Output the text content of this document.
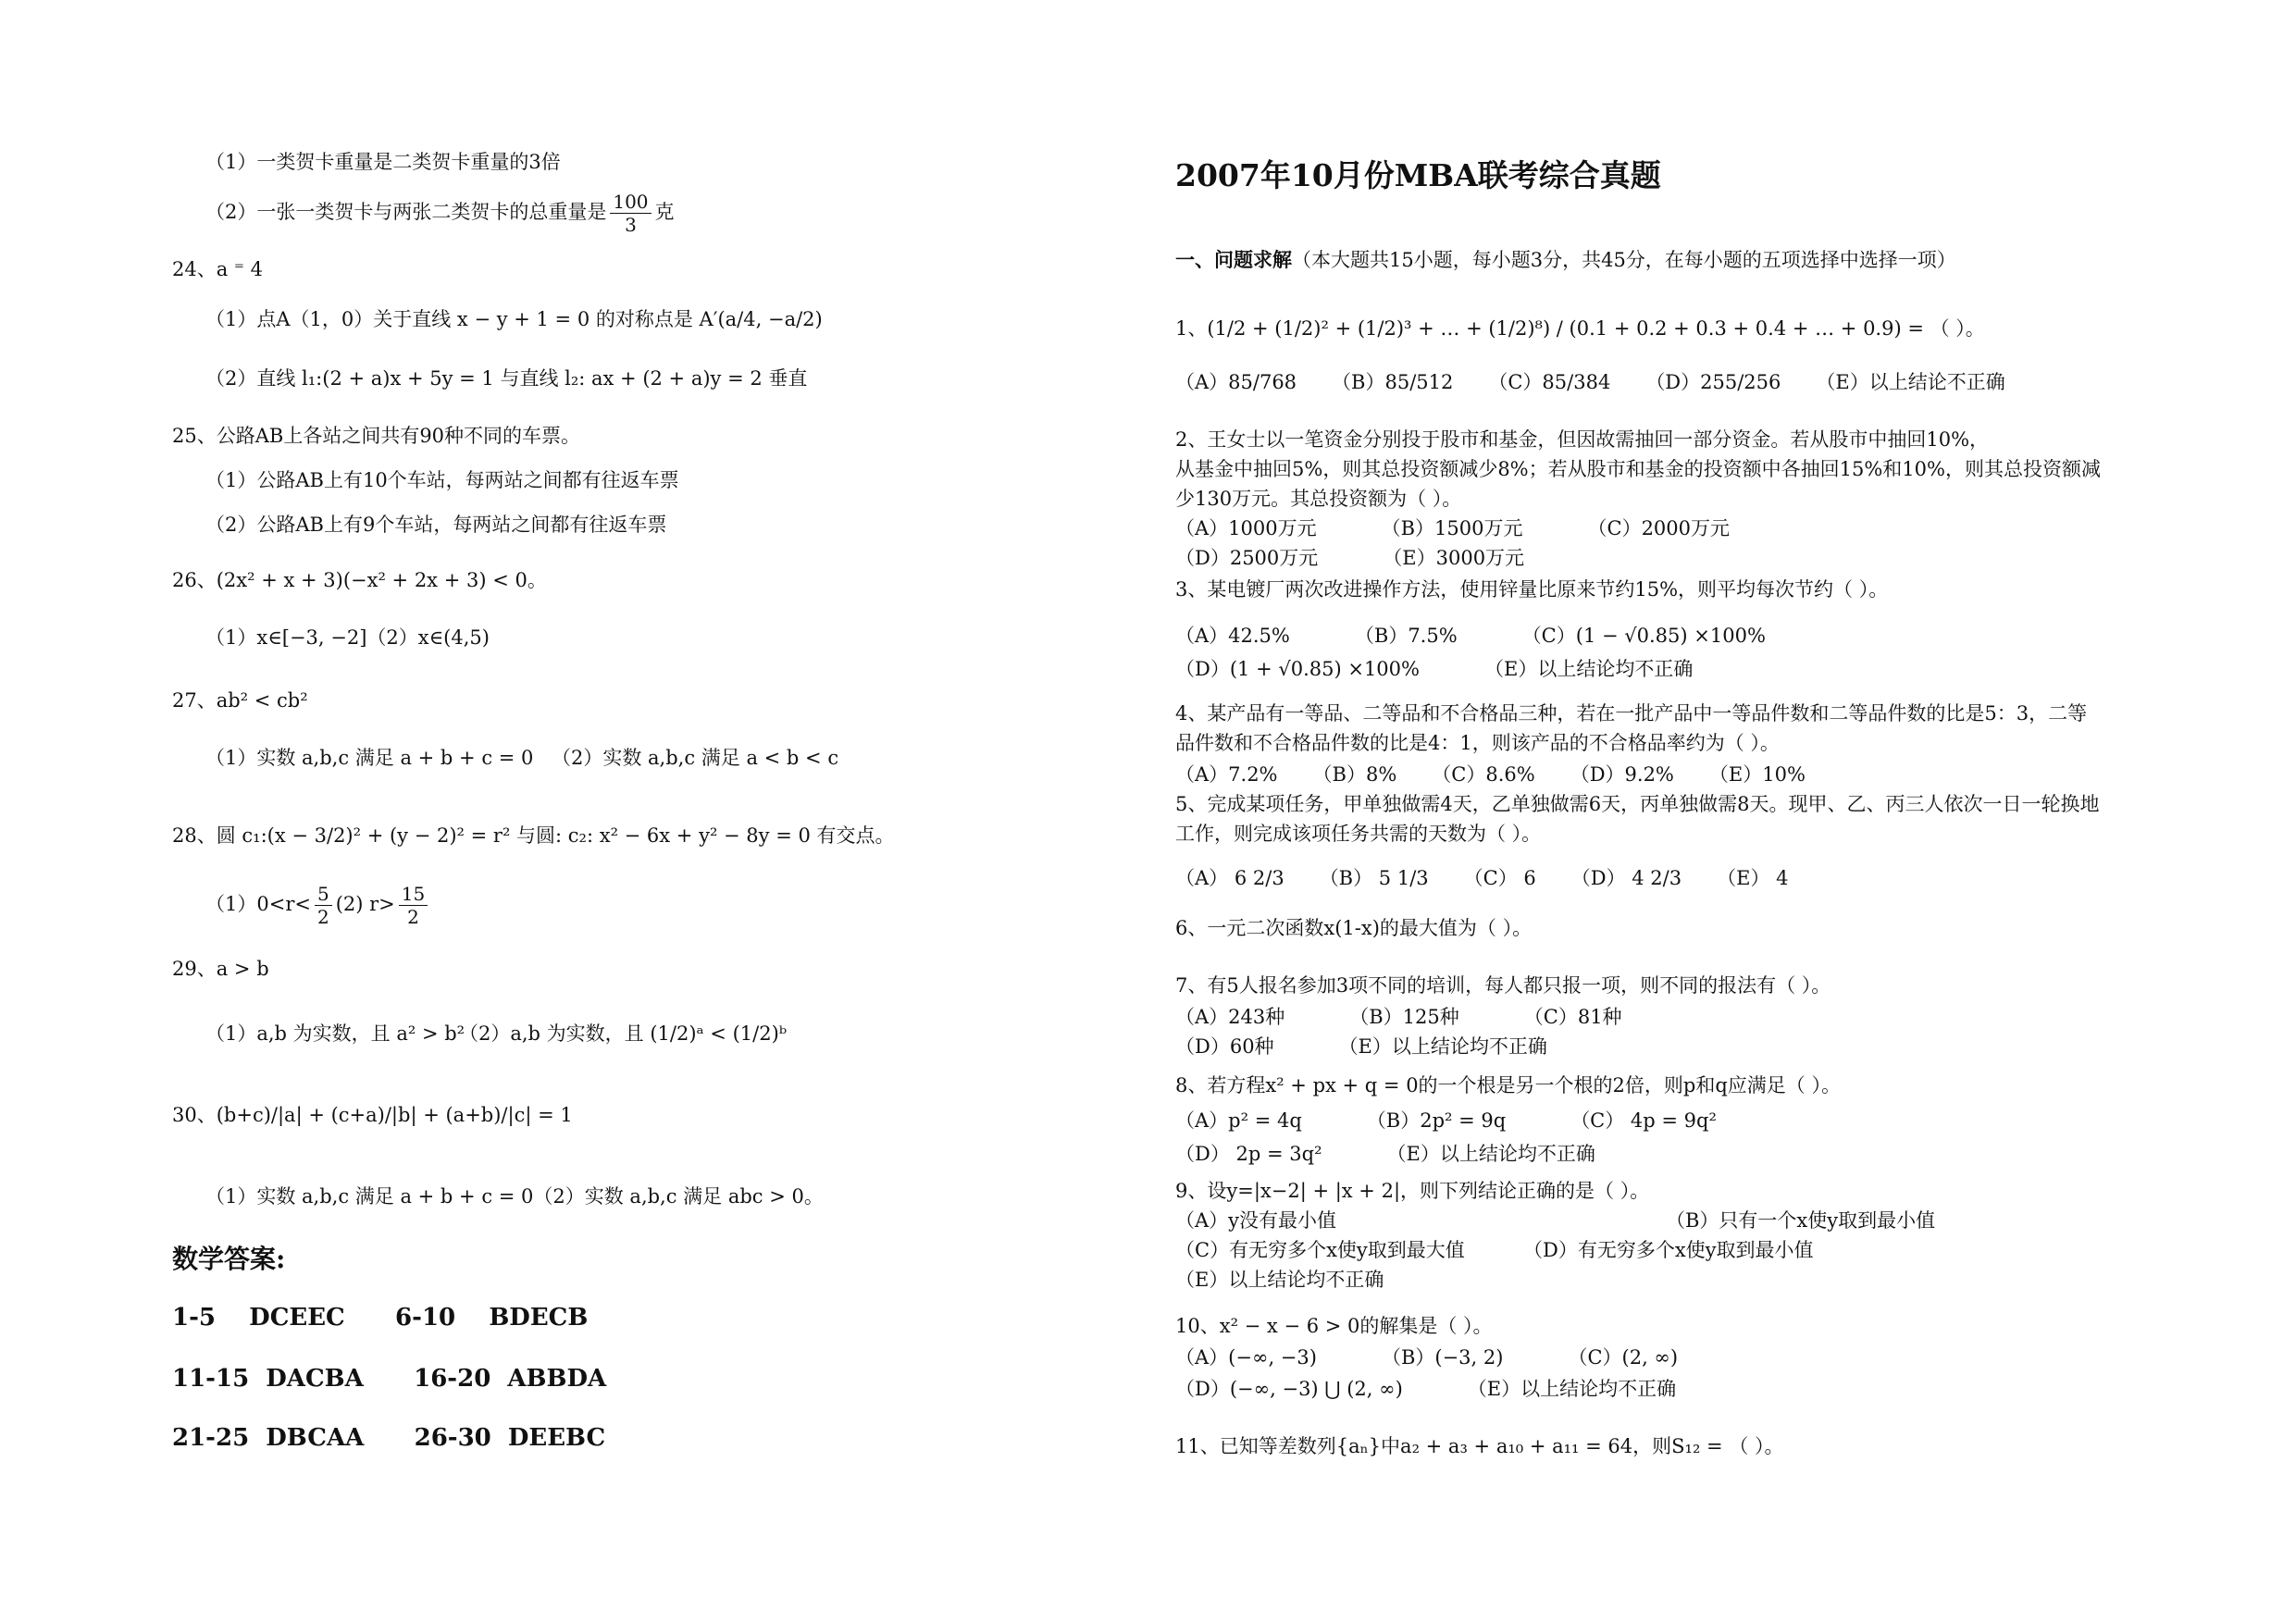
（1）一类贺卡重量是二类贺卡重量的3倍
（2）一张一类贺卡与两张二类贺卡的总重量是 $\frac{100}{3}$ 克
24、a ⁼ 4
（1）点A（1，0）关于直线 x − y + 1 = 0 的对称点是 A′(a/4, −a/2)
（2）直线 l₁:(2 + a)x + 5y = 1 与直线 l₂: ax + (2 + a)y = 2 垂直
25、公路AB上各站之间共有90种不同的车票。
（1）公路AB上有10个车站，每两站之间都有往返车票
（2）公路AB上有9个车站，每两站之间都有往返车票
26、(2x² + x + 3)(−x² + 2x + 3) < 0。
（1）x∈[−3, −2]（2）x∈(4,5)
27、ab² < cb²
（1）实数 a,b,c 满足 a + b + c = 0 （2）实数 a,b,c 满足 a < b < c
28、圆 c₁:(x − 3/2)² + (y − 2)² = r² 与圆: c₂: x² − 6x + y² − 8y = 0 有交点。
$(1)0<r< \frac{5}{2} (2)$ $r> \frac{15}{2}$
29、a > b
（1）a,b 为实数，且 a² > b²
（2）a,b 为实数，且 (1/2)ᵃ < (1/2)ᵇ
30、(b+c)/|a| + (c+a)/|b| + (a+b)/|c| = 1
（1）实数 a,b,c 满足 a + b + c = 0（2）实数 a,b,c 满足 abc > 0。
数学答案:
1-5    DCEEC      6-10    BDECB
11-15  DACBA      16-20  ABBDA
21-25  DBCAA      26-30  DEEBC
2007年10月份MBA联考综合真题
一、问题求解（本大题共15小题，每小题3分，共45分，在每小题的五项选择中选择一项）
1、(1/2 + (1/2)² + (1/2)³ + … + (1/2)⁸) / (0.1 + 0.2 + 0.3 + 0.4 + … + 0.9) = （ ）。
（A）85/768 （B）85/512 （C）85/384 （D）255/256 （E）以上结论不正确
2、王女士以一笔资金分别投于股市和基金，但因故需抽回一部分资金。若从股市中抽回10%，
从基金中抽回5%，则其总投资额减少8%；若从股市和基金的投资额中各抽回15%和10%，则其总投资额减
少130万元。其总投资额为（ ）。
（A）1000万元	（B）1500万元	（C）2000万元
（D）2500万元	（E）3000万元
3、某电镀厂两次改进操作方法，使用锌量比原来节约15%，则平均每次节约（ ）。
（A）42.5%	（B）7.5%	（C）(1 − √0.85) ×100%
（D）(1 + √0.85) ×100%	（E）以上结论均不正确
4、某产品有一等品、二等品和不合格品三种，若在一批产品中一等品件数和二等品件数的比是5：3，二等
品件数和不合格品件数的比是4：1，则该产品的不合格品率约为（ ）。
（A）7.2% （B）8% （C）8.6% （D）9.2% （E）10%
5、完成某项任务，甲单独做需4天，乙单独做需6天，丙单独做需8天。现甲、乙、丙三人依次一日一轮换地
工作，则完成该项任务共需的天数为（ ）。
（A） 6 2/3 （B） 5 1/3 （C） 6 （D） 4 2/3 （E） 4
6、一元二次函数x(1-x)的最大值为（ ）。
7、有5人报名参加3项不同的培训，每人都只报一项，则不同的报法有（ ）。
（A）243种	（B）125种	（C）81种
（D）60种	（E）以上结论均不正确
8、若方程x² + px + q = 0的一个根是另一个根的2倍，则p和q应满足（ ）。
（A）p² = 4q	（B）2p² = 9q	（C） 4p = 9q²
（D） 2p = 3q²	（E）以上结论均不正确
9、设y=|x−2| + |x + 2|，则下列结论正确的是（ ）。
（A）y没有最小值	（B）只有一个x使y取到最小值
（C）有无穷多个x使y取到最大值	（D）有无穷多个x使y取到最小值
（E）以上结论均不正确
10、x² − x − 6 > 0的解集是（ ）。
（A）(−∞, −3)	（B）(−3, 2)	（C）(2, ∞)
（D）(−∞, −3) ⋃ (2, ∞)	（E）以上结论均不正确
11、已知等差数列{aₙ}中a₂ + a₃ + a₁₀ + a₁₁ = 64，则S₁₂ = （ ）。
